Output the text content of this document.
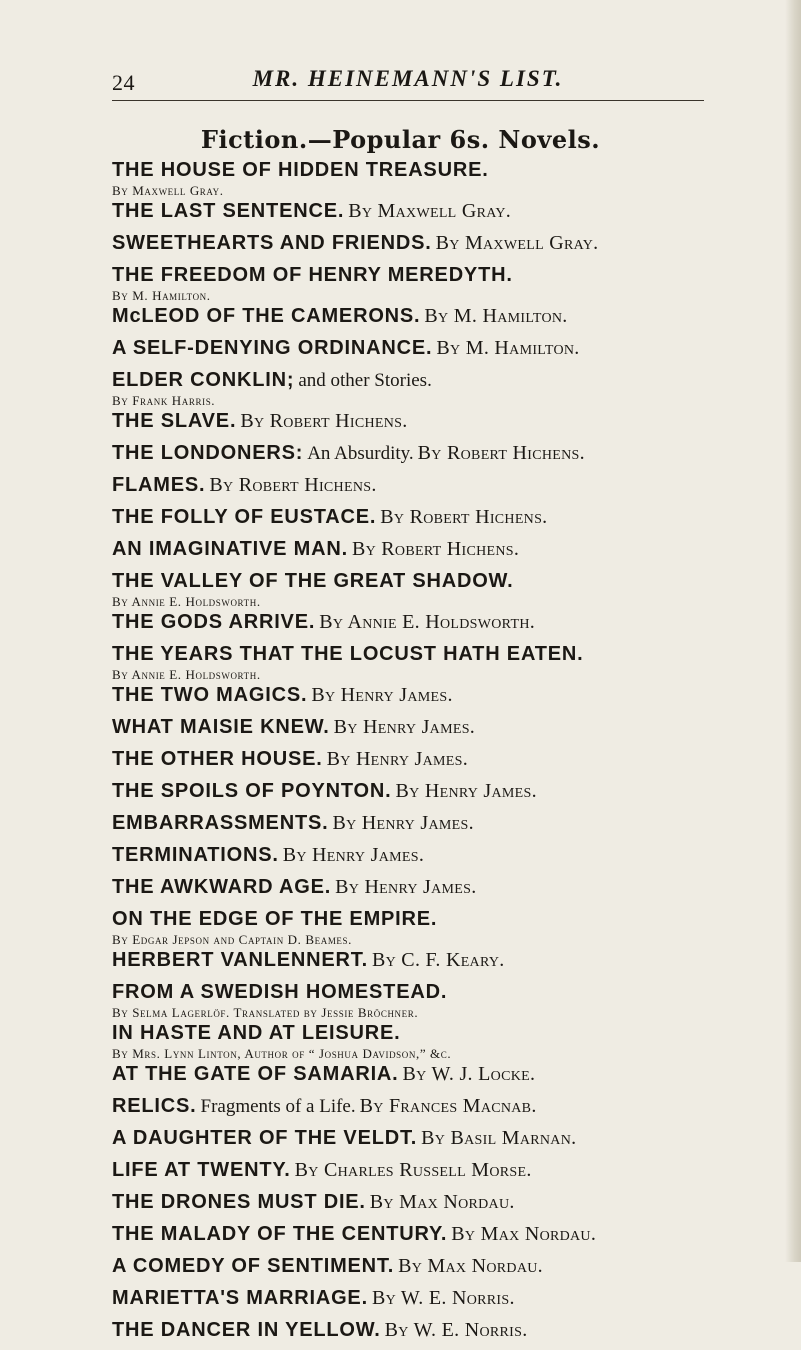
24	MR. HEINEMANN'S LIST.
Fiction.—Popular 6s. Novels.
THE HOUSE OF HIDDEN TREASURE.
By Maxwell Gray.
THE LAST SENTENCE. By Maxwell Gray.
SWEETHEARTS AND FRIENDS. By Maxwell Gray.
THE FREEDOM OF HENRY MEREDYTH.
By M. Hamilton.
McLEOD OF THE CAMERONS. By M. Hamilton.
A SELF-DENYING ORDINANCE. By M. Hamilton.
ELDER CONKLIN; and other Stories.
By Frank Harris.
THE SLAVE. By Robert Hichens.
THE LONDONERS: An Absurdity. By Robert Hichens.
FLAMES. By Robert Hichens.
THE FOLLY OF EUSTACE. By Robert Hichens.
AN IMAGINATIVE MAN. By Robert Hichens.
THE VALLEY OF THE GREAT SHADOW.
By Annie E. Holdsworth.
THE GODS ARRIVE. By Annie E. Holdsworth.
THE YEARS THAT THE LOCUST HATH EATEN.
By Annie E. Holdsworth.
THE TWO MAGICS. By Henry James.
WHAT MAISIE KNEW. By Henry James.
THE OTHER HOUSE. By Henry James.
THE SPOILS OF POYNTON. By Henry James.
EMBARRASSMENTS. By Henry James.
TERMINATIONS. By Henry James.
THE AWKWARD AGE. By Henry James.
ON THE EDGE OF THE EMPIRE.
By Edgar Jepson and Captain D. Beames.
HERBERT VANLENNERT. By C. F. Keary.
FROM A SWEDISH HOMESTEAD.
By Selma Lagerlöf. Translated by Jessie Bröchner.
IN HASTE AND AT LEISURE.
By Mrs. Lynn Linton, Author of “ Joshua Davidson,” &c.
AT THE GATE OF SAMARIA. By W. J. Locke.
RELICS. Fragments of a Life. By Frances Macnab.
A DAUGHTER OF THE VELDT. By Basil Marnan.
LIFE AT TWENTY. By Charles Russell Morse.
THE DRONES MUST DIE. By Max Nordau.
THE MALADY OF THE CENTURY. By Max Nordau.
A COMEDY OF SENTIMENT. By Max Nordau.
MARIETTA'S MARRIAGE. By W. E. Norris.
THE DANCER IN YELLOW. By W. E. Norris.
